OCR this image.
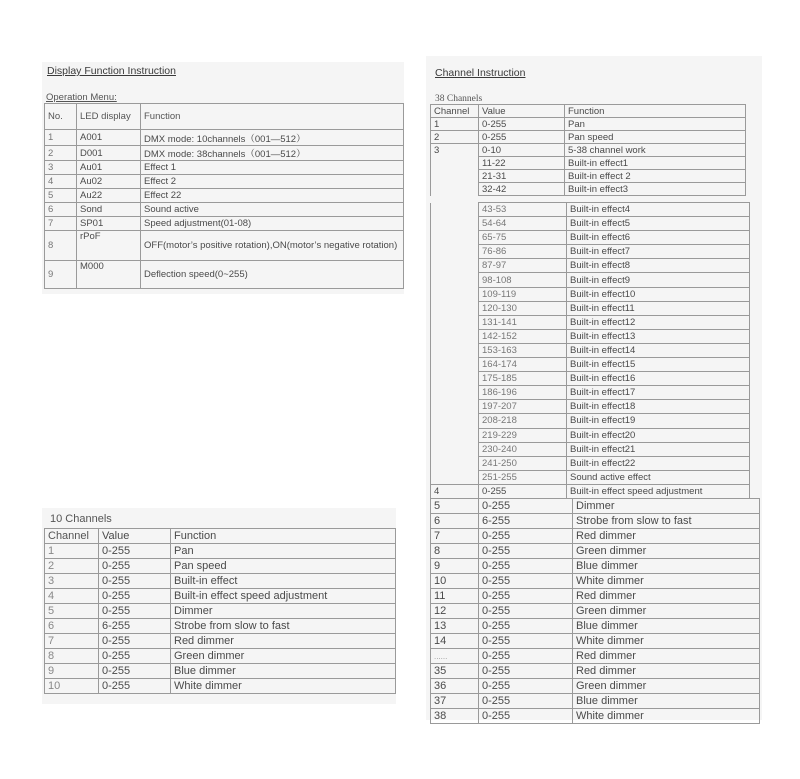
Display Function Instruction
Operation Menu:
No.	LED display	Function
1	A001	DMX mode: 10channels（001—512）
2	D001	DMX mode: 38channels（001—512）
3	Au01	Effect 1
4	Au02	Effect 2
5	Au22	Effect 22
6	Sond	Sound active
7	SP01	Speed adjustment(01-08)
8	rPoF	OFF(motor’s positive rotation),ON(motor’s negative rotation)
9	M000	Deflection speed(0~255)
10 Channels
Channel	Value	Function
1	0-255	Pan
2	0-255	Pan speed
3	0-255	Built-in effect
4	0-255	Built-in effect speed adjustment
5	0-255	Dimmer
6	6-255	Strobe from slow to fast
7	0-255	Red dimmer
8	0-255	Green dimmer
9	0-255	Blue dimmer
10	0-255	White dimmer
Channel Instruction
38 Channels
Channel	Value	Function
1	0-255	Pan
2	0-255	Pan speed
3	0-10	5-38 channel work
	11-22	Built-in effect1
	21-31	Built-in effect 2
	32-42	Built-in effect3
	43-53	Built-in effect4
	54-64	Built-in effect5
	65-75	Built-in effect6
	76-86	Built-in effect7
	87-97	Built-in effect8
	98-108	Built-in effect9
	109-119	Built-in effect10
	120-130	Built-in effect11
	131-141	Built-in effect12
	142-152	Built-in effect13
	153-163	Built-in effect14
	164-174	Built-in effect15
	175-185	Built-in effect16
	186-196	Built-in effect17
	197-207	Built-in effect18
	208-218	Built-in effect19
	219-229	Built-in effect20
	230-240	Built-in effect21
	241-250	Built-in effect22
	251-255	Sound active effect
4	0-255	Built-in effect speed adjustment
5	0-255	Dimmer
6	6-255	Strobe from slow to fast
7	0-255	Red dimmer
8	0-255	Green dimmer
9	0-255	Blue dimmer
10	0-255	White dimmer
11	0-255	Red dimmer
12	0-255	Green dimmer
13	0-255	Blue dimmer
14	0-255	White dimmer
......	0-255	Red dimmer
35	0-255	Red dimmer
36	0-255	Green dimmer
37	0-255	Blue dimmer
38	0-255	White dimmer
